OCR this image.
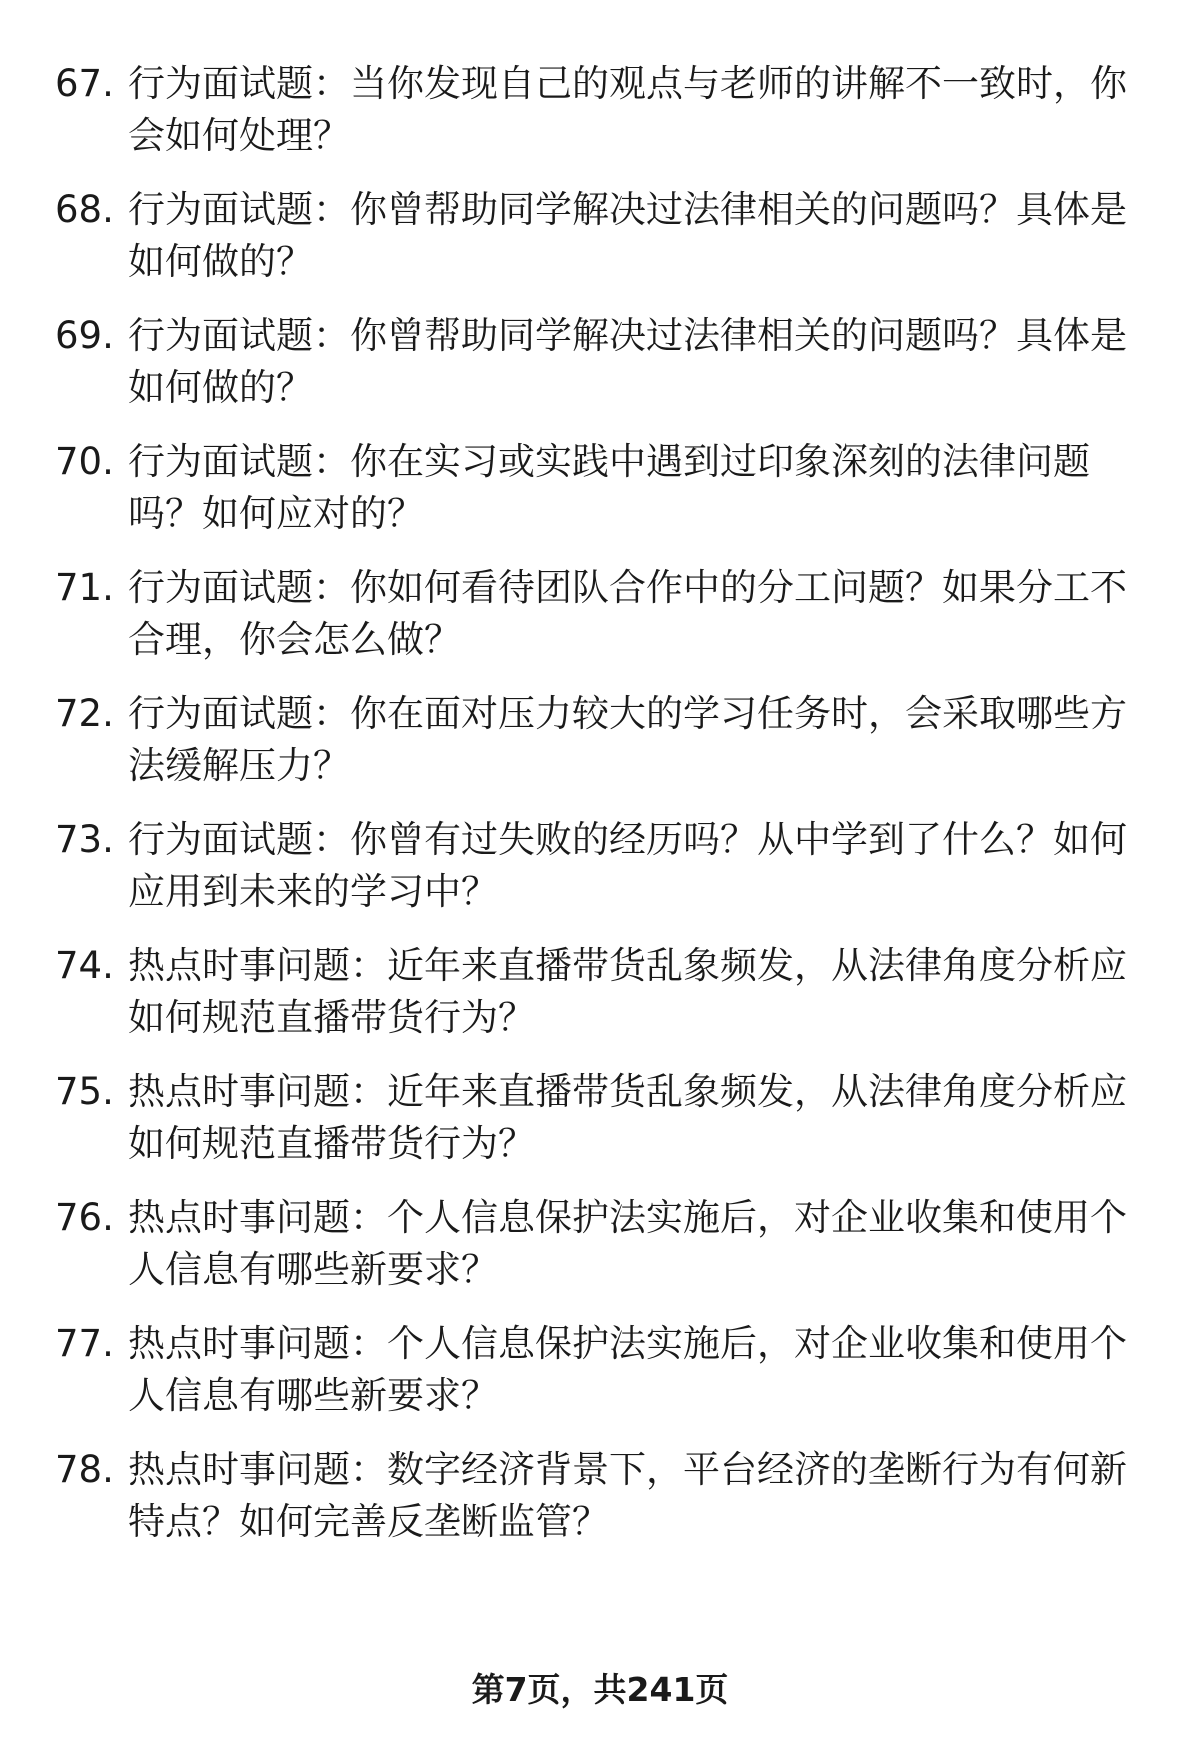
67. 行为面试题：当你发现自己的观点与老师的讲解不一致时，你会如何处理？
68. 行为面试题：你曾帮助同学解决过法律相关的问题吗？具体是如何做的？
69. 行为面试题：你曾帮助同学解决过法律相关的问题吗？具体是如何做的？
70. 行为面试题：你在实习或实践中遇到过印象深刻的法律问题吗？如何应对的？
71. 行为面试题：你如何看待团队合作中的分工问题？如果分工不合理，你会怎么做？
72. 行为面试题：你在面对压力较大的学习任务时，会采取哪些方法缓解压力？
73. 行为面试题：你曾有过失败的经历吗？从中学到了什么？如何应用到未来的学习中？
74. 热点时事问题：近年来直播带货乱象频发，从法律角度分析应如何规范直播带货行为？
75. 热点时事问题：近年来直播带货乱象频发，从法律角度分析应如何规范直播带货行为？
76. 热点时事问题：个人信息保护法实施后，对企业收集和使用个人信息有哪些新要求？
77. 热点时事问题：个人信息保护法实施后，对企业收集和使用个人信息有哪些新要求？
78. 热点时事问题：数字经济背景下，平台经济的垄断行为有何新特点？如何完善反垄断监管？
第7页，共241页
